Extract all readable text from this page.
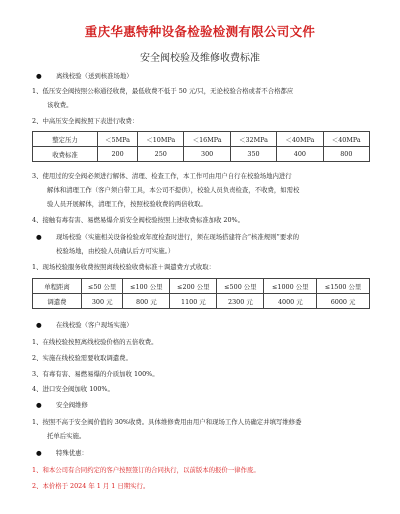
重庆华惠特种设备检验检测有限公司文件
安全阀校验及维修收费标准
● 离线校验（送到核准场地）
1、低压安全阀按照公称通径收费，最低收费不低于 50 元/只，无论校验合格或者不合格都应
该收费。
2、中高压安全阀按照下表进行收费：
整定压力	＜5MPa	＜10MPa	＜16MPa	＜32MPa	＜40MPa	＜40MPa
收费标准	200	250	300	350	400	800
3、使用过的安全阀必须进行解体、清理、检查工作，本工作可由用户自行在校验场地内进行
解体和清理工作（客户须自带工具，本公司不提供），校验人员负责检查，不收费，如需校
验人员开展解体，清理工作，按照校验收费的两倍收取。
4、接触有毒有害、易燃易爆介质安全阀校验按照上述收费标准加收 20%。
● 现场校验（实施相关设备检验或年度检查时进行，须在现场搭建符合“核准规则”要求的
校验场地，由校验人员确认后方可实施。）
1、现场校验服务收费按照离线校验收费标准＋调遣费方式收取：
单程距离	≤50 公里	≤100 公里	≤200 公里	≤500 公里	≤1000 公里	≤1500 公里
调遣费	300 元	800 元	1100 元	2300 元	4000 元	6000 元
● 在线校验（客户现场实施）
1、在线校验按照离线校验价格的五倍收费。
2、实施在线校验需要收取调遣费。
3、有毒有害、易燃易爆的介质加收 100%。
4、进口安全阀加收 100%。
● 安全阀维修
1、按照不高于安全阀价值的 30%收费。具体维修费用由用户和现场工作人员确定并填写维修委
托单后实施。
● 特殊优惠：
1、和本公司有合同约定的客户按照签订的合同执行，以前版本的报价一律作废。
2、本价格于 2024 年 1 月 1 日期实行。
